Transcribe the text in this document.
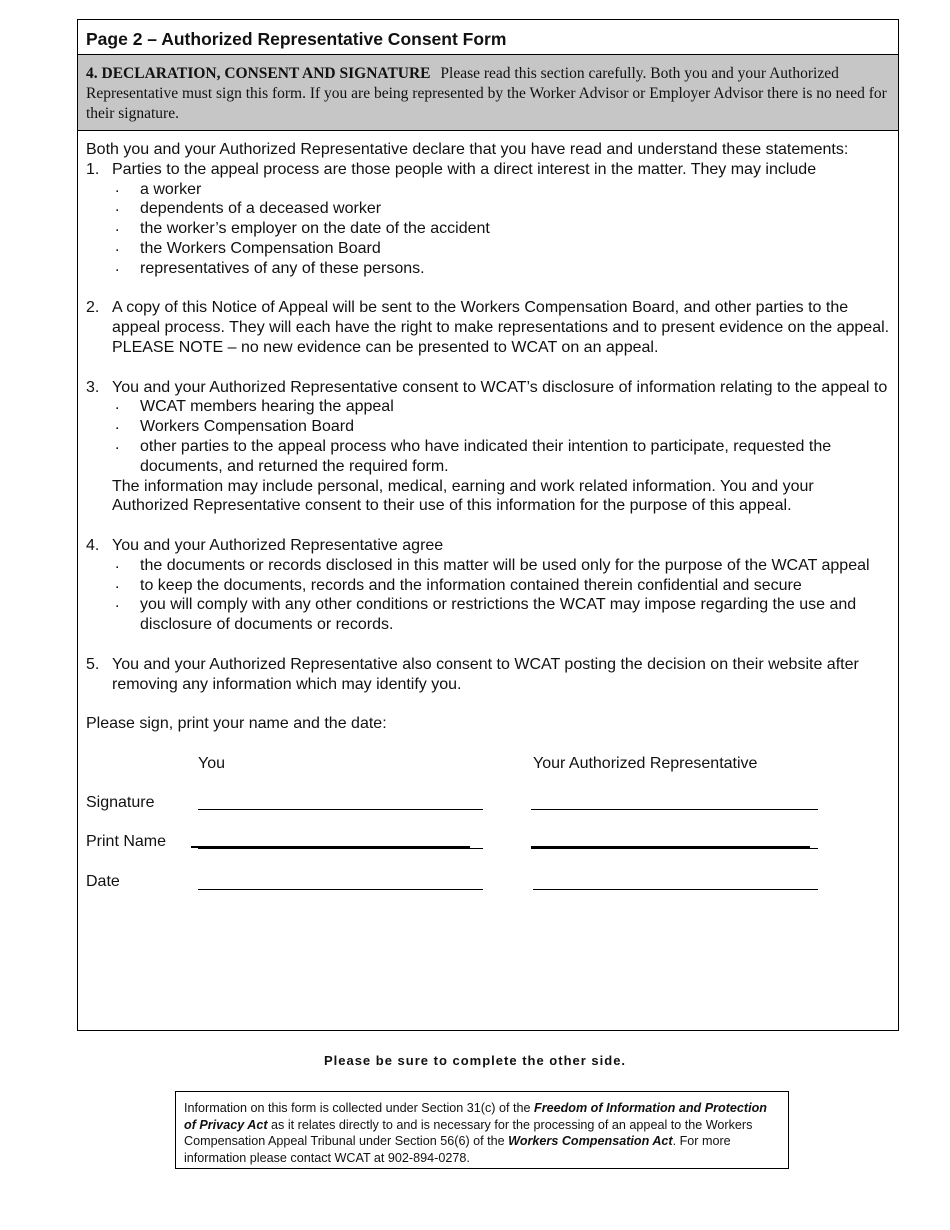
Page 2 – Authorized Representative Consent Form
4. DECLARATION, CONSENT AND SIGNATURE Please read this section carefully. Both you and your Authorized Representative must sign this form. If you are being represented by the Worker Advisor or Employer Advisor there is no need for their signature.

Both you and your Authorized Representative declare that you have read and understand these statements:

1. Parties to the appeal process are those people with a direct interest in the matter. They may include

. a worker
. dependents of a deceased worker
. the worker’s employer on the date of the accident
. the Workers Compensation Board
. representatives of any of these persons.
2. A copy of this Notice of Appeal will be sent to the Workers Compensation Board, and other parties to the appeal process. They will each have the right to make representations and to present evidence on the appeal. PLEASE NOTE – no new evidence can be presented to WCAT on an appeal.

3. You and your Authorized Representative consent to WCAT’s disclosure of information relating to the appeal to

. WCAT members hearing the appeal
. Workers Compensation Board
. other parties to the appeal process who have indicated their intention to participate, requested the documents, and returned the required form.

The information may include personal, medical, earning and work related information. You and your Authorized Representative consent to their use of this information for the purpose of this appeal.

4. You and your Authorized Representative agree

. the documents or records disclosed in this matter will be used only for the purpose of the WCAT appeal
. to keep the documents, records and the information contained therein confidential and secure
. you will comply with any other conditions or restrictions the WCAT may impose regarding the use and disclosure of documents or records.
5. You and your Authorized Representative also consent to WCAT posting the decision on their website after removing any information which may identify you.

Please sign, print your name and the date:

You	Your Authorized Representative
Signature
Print Name
Date
Please be sure to complete the other side.
Information on this form is collected under Section 31(c) of the Freedom of Information and Protection of Privacy Act as it relates directly to and is necessary for the processing of an appeal to the Workers Compensation Appeal Tribunal under Section 56(6) of the Workers Compensation Act. For more information please contact WCAT at 902-894-0278.
